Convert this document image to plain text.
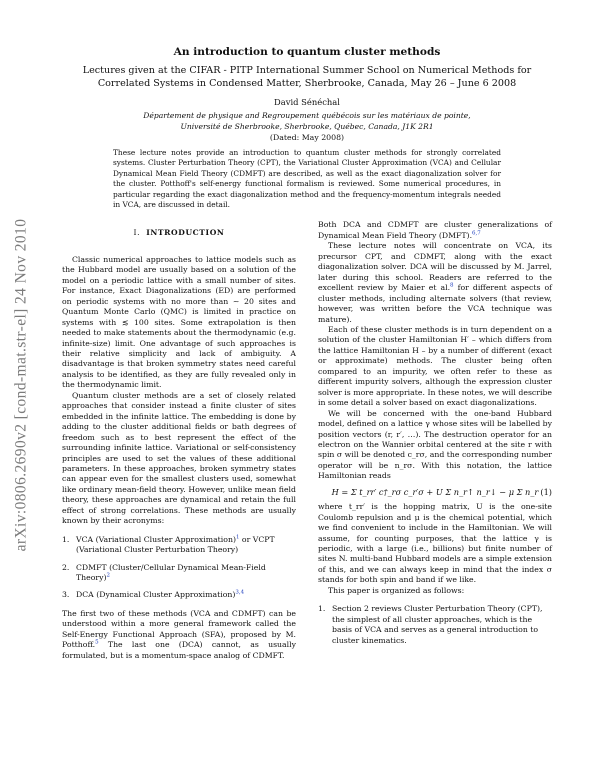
arXiv:0806.2690v2 [cond-mat.str-el] 24 Nov 2010
An introduction to quantum cluster methods
Lectures given at the CIFAR - PITP International Summer School on Numerical Methods for Correlated Systems in Condensed Matter, Sherbrooke, Canada, May 26 – June 6 2008
David Sénéchal
Département de physique and Regroupement québécois sur les matériaux de pointe,
Université de Sherbrooke, Sherbrooke, Québec, Canada, J1K 2R1
(Dated: May 2008)
These lecture notes provide an introduction to quantum cluster methods for strongly correlated systems. Cluster Perturbation Theory (CPT), the Variational Cluster Approximation (VCA) and Cellular Dynamical Mean Field Theory (CDMFT) are described, as well as the exact diagonalization solver for the cluster. Potthoff's self-energy functional formalism is reviewed. Some numerical procedures, in particular regarding the exact diagonalization method and the frequency-momentum integrals needed in VCA, are discussed in detail.
I. INTRODUCTION

Classic numerical approaches to lattice models such as the Hubbard model are usually based on a solution of the model on a periodic lattice with a small number of sites. For instance, Exact Diagonalizations (ED) are performed on periodic systems with no more than ∼ 20 sites and Quantum Monte Carlo (QMC) is limited in practice on systems with ≲ 100 sites. Some extrapolation is then needed to make statements about the thermodynamic (e.g. infinite-size) limit. One advantage of such approaches is their relative simplicity and lack of ambiguity. A disadvantage is that broken symmetry states need careful analysis to be identified, as they are fully revealed only in the thermodynamic limit.

Quantum cluster methods are a set of closely related approaches that consider instead a finite cluster of sites embedded in the infinite lattice. The embedding is done by adding to the cluster additional fields or bath degrees of freedom such as to best represent the effect of the surrounding infinite lattice. Variational or self-consistency principles are used to set the values of these additional parameters. In these approaches, broken symmetry states can appear even for the smallest clusters used, somewhat like ordinary mean-field theory. However, unlike mean field theory, these approaches are dynamical and retain the full effect of strong correlations. These methods are usually known by their acronyms:

1. VCA (Variational Cluster Approximation)$^1$ or VCPT (Variational Cluster Perturbation Theory)
2. CDMFT (Cluster/Cellular Dynamical Mean-Field Theory)$^2$
3. DCA (Dynamical Cluster Approximation)$^{3,4}$

The first two of these methods (VCA and CDMFT) can be understood within a more general framework called the Self-Energy Functional Approach (SFA), proposed by M. Potthoff.$^5$ The last one (DCA) cannot, as usually formulated, but is a momentum-space analog of CDMFT.

Both DCA and CDMFT are cluster generalizations of Dynamical Mean Field Theory (DMFT).$^{6,7}$

These lecture notes will concentrate on VCA, its precursor CPT, and CDMFT, along with the exact diagonalization solver. DCA will be discussed by M. Jarrel, later during this school. Readers are referred to the excellent review by Maier et al.$^8$ for different aspects of cluster methods, including alternate solvers (that review, however, was written before the VCA technique was mature).

Each of these cluster methods is in turn dependent on a solution of the cluster Hamiltonian H′ – which differs from the lattice Hamiltonian H – by a number of different (exact or approximate) methods. The cluster being often compared to an impurity, we often refer to these as different impurity solvers, although the expression cluster solver is more appropriate. In these notes, we will describe in some detail a solver based on exact diagonalizations.

We will be concerned with the one-band Hubbard model, defined on a lattice γ whose sites will be labelled by position vectors (r, r′, …). The destruction operator for an electron on the Wannier orbital centered at the site r with spin σ will be denoted c_rσ, and the corresponding number operator will be n_rσ. With this notation, the lattice Hamiltonian reads

H = Σ t_rr′ c†_rσ c_r′σ + U Σ n_r↑ n_r↓ − μ Σ n_r (1)

where t_rr′ is the hopping matrix, U is the one-site Coulomb repulsion and μ is the chemical potential, which we find convenient to include in the Hamiltonian. We will assume, for counting purposes, that the lattice γ is periodic, with a large (i.e., billions) but finite number of sites N. multi-band Hubbard models are a simple extension of this, and we can always keep in mind that the index σ stands for both spin and band if we like.

This paper is organized as follows:

1. Section 2 reviews Cluster Perturbation Theory (CPT), the simplest of all cluster approaches, which is the basis of VCA and serves as a general introduction to cluster kinematics.
